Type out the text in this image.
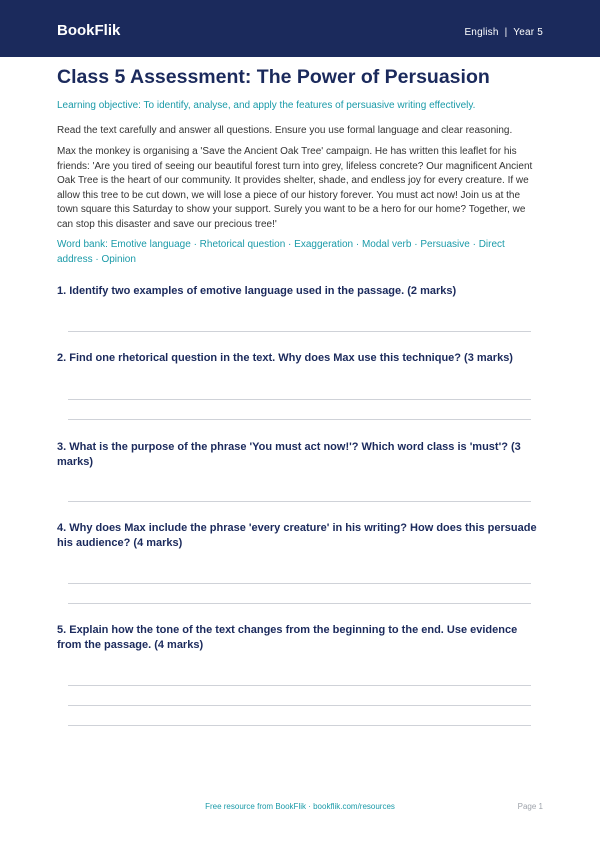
BookFlik	English | Year 5
Class 5 Assessment: The Power of Persuasion
Learning objective: To identify, analyse, and apply the features of persuasive writing effectively.
Read the text carefully and answer all questions. Ensure you use formal language and clear reasoning.
Max the monkey is organising a 'Save the Ancient Oak Tree' campaign. He has written this leaflet for his friends: 'Are you tired of seeing our beautiful forest turn into grey, lifeless concrete? Our magnificent Ancient Oak Tree is the heart of our community. It provides shelter, shade, and endless joy for every creature. If we allow this tree to be cut down, we will lose a piece of our history forever. You must act now! Join us at the town square this Saturday to show your support. Surely you want to be a hero for our home? Together, we can stop this disaster and save our precious tree!'
Word bank: Emotive language · Rhetorical question · Exaggeration · Modal verb · Persuasive · Direct address · Opinion
1. Identify two examples of emotive language used in the passage. (2 marks)
2. Find one rhetorical question in the text. Why does Max use this technique? (3 marks)
3. What is the purpose of the phrase 'You must act now!'? Which word class is 'must'? (3 marks)
4. Why does Max include the phrase 'every creature' in his writing? How does this persuade his audience? (4 marks)
5. Explain how the tone of the text changes from the beginning to the end. Use evidence from the passage. (4 marks)
Free resource from BookFlik · bookflik.com/resources	Page 1
